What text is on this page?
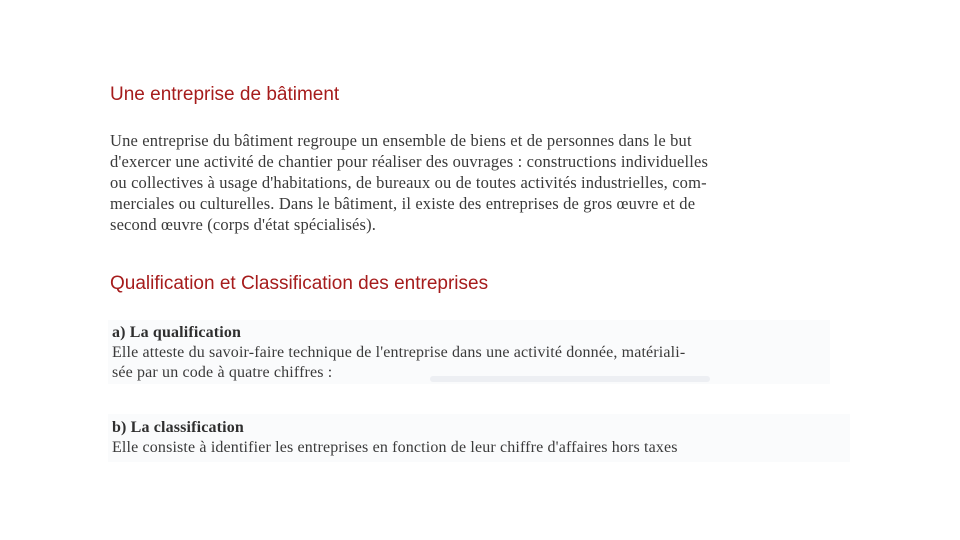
Une entreprise de bâtiment
Une entreprise du bâtiment regroupe un ensemble de biens et de personnes dans le but
d'exercer une activité de chantier pour réaliser des ouvrages : constructions individuelles
ou collectives à usage d'habitations, de bureaux ou de toutes activités industrielles, com-
merciales ou culturelles. Dans le bâtiment, il existe des entreprises de gros œuvre et de
second œuvre (corps d'état spécialisés).
Qualification et Classification des entreprises
a) La qualification
Elle atteste du savoir-faire technique de l'entreprise dans une activité donnée, matériali-
sée par un code à quatre chiffres :
b) La classification
Elle consiste à identifier les entreprises en fonction de leur chiffre d'affaires hors taxes
